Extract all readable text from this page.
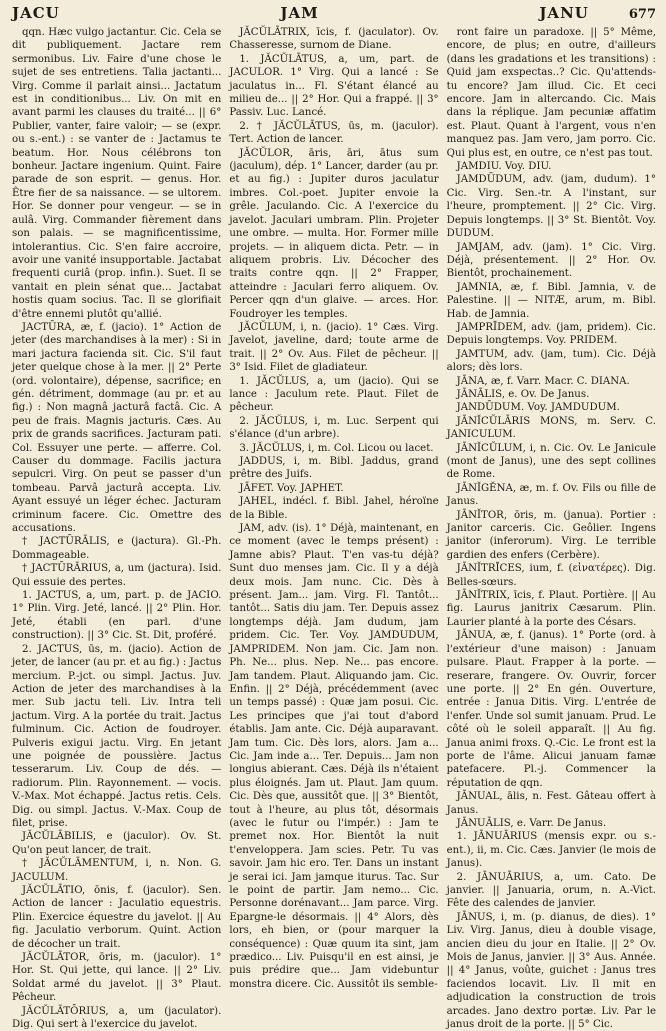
JACU	JAM	JANU	677

qqn. Hæc vulgo jactantur. Cic. Cela se dit publiquement. Jactare rem sermonibus. Liv. Faire d'une chose le sujet de ses entretiens. Talia jactanti... Virg. Comme il parlait ainsi... Jactatum est in conditionibus... Liv. On mit en avant parmi les clauses du traité... || 6° Publier, vanter, faire valoir; — se (expr. ou s.-ent.) : se vanter de : Jactamus te beatum. Hor. Nous célébrons ton bonheur. Jactare ingenium. Quint. Faire parade de son esprit. — genus. Hor. Être fier de sa naissance. — se ultorem. Hor. Se donner pour vengeur. — se in aulâ. Virg. Commander fièrement dans son palais. — se magnificentissime, intolerantius. Cic. S'en faire accroire, avoir une vanité insupportable. Jactabat frequenti curiâ (prop. infin.). Suet. Il se vantait en plein sénat que... Jactabat hostis quam socius. Tac. Il se glorifiait d'être ennemi plutôt qu'allié.

JACTŪRA, æ, f. (jacio). 1° Action de jeter (des marchandises à la mer) : Si in mari jactura facienda sit. Cic. S'il faut jeter quelque chose à la mer. || 2° Perte (ord. volontaire), dépense, sacrifice; en gén. détriment, dommage (au pr. et au fig.) : Non magnâ jacturâ factâ. Cic. A peu de frais. Magnis jacturis. Cæs. Au prix de grands sacrifices. Jacturam pati. Col. Essuyer une perte. — afferre. Col. Causer du dommage. Facilis jactura sepulcri. Virg. On peut se passer d'un tombeau. Parvâ jacturâ accepta. Liv. Ayant essuyé un léger échec. Jacturam criminum facere. Cic. Omettre des accusations.

† JACTŪRĀLIS, e (jactura). Gl.-Ph. Dommageable.

† JACTŪRĀRIUS, a, um (jactura). Isid. Qui essuie des pertes.

1. JACTUS, a, um, part. p. de JACIO. 1° Plin. Virg. Jeté, lancé. || 2° Plin. Hor. Jeté, établi (en parl. d'une construction). || 3° Cic. St. Dit, proféré.

2. JACTUS, ūs, m. (jacio). Action de jeter, de lancer (au pr. et au fig.) : Jactus mercium. P.-jct. ou simpl. Jactus. Juv. Action de jeter des marchandises à la mer. Sub jactu teli. Liv. Intra teli jactum. Virg. A la portée du trait. Jactus fulminum. Cic. Action de foudroyer. Pulveris exigui jactu. Virg. En jetant une poignée de poussière. Jactus tesserarum. Liv. Coup de dés. — radiorum. Plin. Rayonnement. — vocis. V.-Max. Mot échappé. Jactus retis. Cels. Dig. ou simpl. Jactus. V.-Max. Coup de filet, prise.

JĂCŬLĀBILIS, e (jaculor). Ov. St. Qu'on peut lancer, de trait.

† JĂCŬLĀMENTUM, i, n. Non. G. JACULUM.

JĂCŬLĀTIO, ōnis, f. (jaculor). Sen. Action de lancer : Jaculatio equestris. Plin. Exercice équestre du javelot. || Au fig. Jaculatio verborum. Quint. Action de décocher un trait.

JĂCŬLĀTOR, ōris, m. (jaculor). 1° Hor. St. Qui jette, qui lance. || 2° Liv. Soldat armé du javelot. || 3° Plaut. Pêcheur.

JĂCŬLĀTŌRIUS, a, um (jaculator). Dig. Qui sert à l'exercice du javelot.

JĂCŬLĀTRIX, īcis, f. (jaculator). Ov. Chasseresse, surnom de Diane.

1. JĂCŬLĀTUS, a, um, part. de JACULOR. 1° Virg. Qui a lancé : Se jaculatus in... Fl. S'étant élancé au milieu de... || 2° Hor. Qui a frappé. || 3° Passiv. Luc. Lancé.

2. † JĂCŬLĀTUS, ūs, m. (jaculor). Tert. Action de lancer.

JĂCŬLOR, āris, āri, ātus sum (jaculum), dép. 1° Lancer, darder (au pr. et au fig.) : Jupiter duros jaculatur imbres. Col.-poet. Jupiter envoie la grêle. Jaculando. Cic. A l'exercice du javelot. Jaculari umbram. Plin. Projeter une ombre. — multa. Hor. Former mille projets. — in aliquem dicta. Petr. — in aliquem probris. Liv. Décocher des traits contre qqn. || 2° Frapper, atteindre : Jaculari ferro aliquem. Ov. Percer qqn d'un glaive. — arces. Hor. Foudroyer les temples.

JĂCŬLUM, i, n. (jacio). 1° Cæs. Virg. Javelot, javeline, dard; toute arme de trait. || 2° Ov. Aus. Filet de pêcheur. || 3° Isid. Filet de gladiateur.

1. JĂCŬLUS, a, um (jacio). Qui se lance : Jaculum rete. Plaut. Filet de pêcheur.

2. JĂCŬLUS, i, m. Luc. Serpent qui s'élance (d'un arbre).

3. JĂCŬLUS, i, m. Col. Licou ou lacet.

JADDUS, i, m. Bibl. Jaddus, grand prêtre des Juifs.

JĀFET. Voy. JAPHET.

JAHEL, indécl. f. Bibl. Jahel, héroïne de la Bible.

JAM, adv. (is). 1° Déjà, maintenant, en ce moment (avec le temps présent) : Jamne abis? Plaut. T'en vas-tu déjà? Sunt duo menses jam. Cic. Il y a déjà deux mois. Jam nunc. Cic. Dès à présent. Jam... jam. Virg. Fl. Tantôt... tantôt... Satis diu jam. Ter. Depuis assez longtemps déjà. Jam dudum, jam pridem. Cic. Ter. Voy. JAMDUDUM, JAMPRIDEM. Non jam. Cic. Jam non. Ph. Ne... plus. Nep. Ne... pas encore. Jam tandem. Plaut. Aliquando jam. Cic. Enfin. || 2° Déjà, précédemment (avec un temps passé) : Quæ jam posui. Cic. Les principes que j'ai tout d'abord établis. Jam ante. Cic. Déjà auparavant. Jam tum. Cic. Dès lors, alors. Jam a... Cic. Jam inde a... Ter. Depuis... Jam non longius abierant. Cæs. Déjà ils n'étaient plus éloignés. Jam ut. Plaut. Jam quum. Cic. Dès que, aussitôt que. || 3° Bientôt, tout à l'heure, au plus tôt, désormais (avec le futur ou l'impér.) : Jam te premet nox. Hor. Bientôt la nuit t'enveloppera. Jam scies. Petr. Tu vas savoir. Jam hic ero. Ter. Dans un instant je serai ici. Jam jamque iturus. Tac. Sur le point de partir. Jam nemo... Cic. Personne dorénavant... Jam parce. Virg. Epargne-le désormais. || 4° Alors, dès lors, eh bien, or (pour marquer la conséquence) : Quæ quum ita sint, jam prædico... Liv. Puisqu'il en est ainsi, je puis prédire que... Jam videbuntur monstra dicere. Cic. Aussitôt ils semble-

ront faire un paradoxe. || 5° Même, encore, de plus; en outre, d'ailleurs (dans les gradations et les transitions) : Quid jam exspectas..? Cic. Qu'attends-tu encore? Jam illud. Cic. Et ceci encore. Jam in altercando. Cic. Mais dans la réplique. Jam pecuniæ affatim est. Plaut. Quant à l'argent, vous n'en manquez pas. Jam vero, jam porro. Cic. Qui plus est, en outre, ce n'est pas tout.

JAMDIU. Voy. DIU.

JAMDŪDUM, adv. (jam, dudum). 1° Cic. Virg. Sen.-tr. A l'instant, sur l'heure, promptement. || 2° Cic. Virg. Depuis longtemps. || 3° St. Bientôt. Voy. DUDUM.

JAMJAM, adv. (jam). 1° Cic. Virg. Déjà, présentement. || 2° Hor. Ov. Bientôt, prochainement.

JAMNIA, æ, f. Bibl. Jamnia, v. de Palestine. || — NITÆ, arum, m. Bibl. Hab. de Jamnia.

JAMPRĪDEM, adv. (jam, pridem). Cic. Depuis longtemps. Voy. PRIDEM.

JAMTUM, adv. (jam, tum). Cic. Déjà alors; dès lors.

JĀNA, æ, f. Varr. Macr. C. DIANA.

JĀNĀLIS, e. Ov. De Janus.

JANDŪDUM. Voy. JAMDUDUM.

JĀNĬCŬLĀRIS MONS, m. Serv. C. JANICULUM.

JĀNĬCŬLUM, i, n. Cic. Ov. Le Janicule (mont de Janus), une des sept collines de Rome.

JĀNĬGĔNA, æ, m. f. Ov. Fils ou fille de Janus.

JĀNĬTOR, ōris, m. (janua). Portier : Janitor carceris. Cic. Geôlier. Ingens janitor (inferorum). Virg. Le terrible gardien des enfers (Cerbère).

JĀNĬTRĪCES, ium, f. (εἰνατέρες). Dig. Belles-sœurs.

JĀNĬTRIX, īcis, f. Plaut. Portière. || Au fig. Laurus janitrix Cæsarum. Plin. Laurier planté à la porte des Césars.

JĀNUA, æ, f. (janus). 1° Porte (ord. à l'extérieur d'une maison) : Januam pulsare. Plaut. Frapper à la porte. — reserare, frangere. Ov. Ouvrir, forcer une porte. || 2° En gén. Ouverture, entrée : Janua Ditis. Virg. L'entrée de l'enfer. Unde sol sumit januam. Prud. Le côté où le soleil apparaît. || Au fig. Janua animi froxs. Q.-Cic. Le front est la porte de l'âme. Alicui januam famæ patefacere. Pl.-j. Commencer la réputation de qqn.

JĀNUAL, ālis, n. Fest. Gâteau offert à Janus.

JĀNUĀLIS, e. Varr. De Janus.

1. JĀNUĀRIUS (mensis expr. ou s.-ent.), ii, m. Cic. Cæs. Janvier (le mois de Janus).

2. JĀNUĀRIUS, a, um. Cato. De janvier. || Januaria, orum, n. A.-Vict. Fête des calendes de janvier.

JĀNUS, i, m. (p. dianus, de dies). 1° Liv. Virg. Janus, dieu à double visage, ancien dieu du jour en Italie. || 2° Ov. Mois de Janus, janvier. || 3° Aus. Année. || 4° Janus, voûte, guichet : Janus tres faciendos locavit. Liv. Il mit en adjudication la construction de trois arcades. Jano dextro portæ. Liv. Par le janus droit de la porte. || 5° Cic.
